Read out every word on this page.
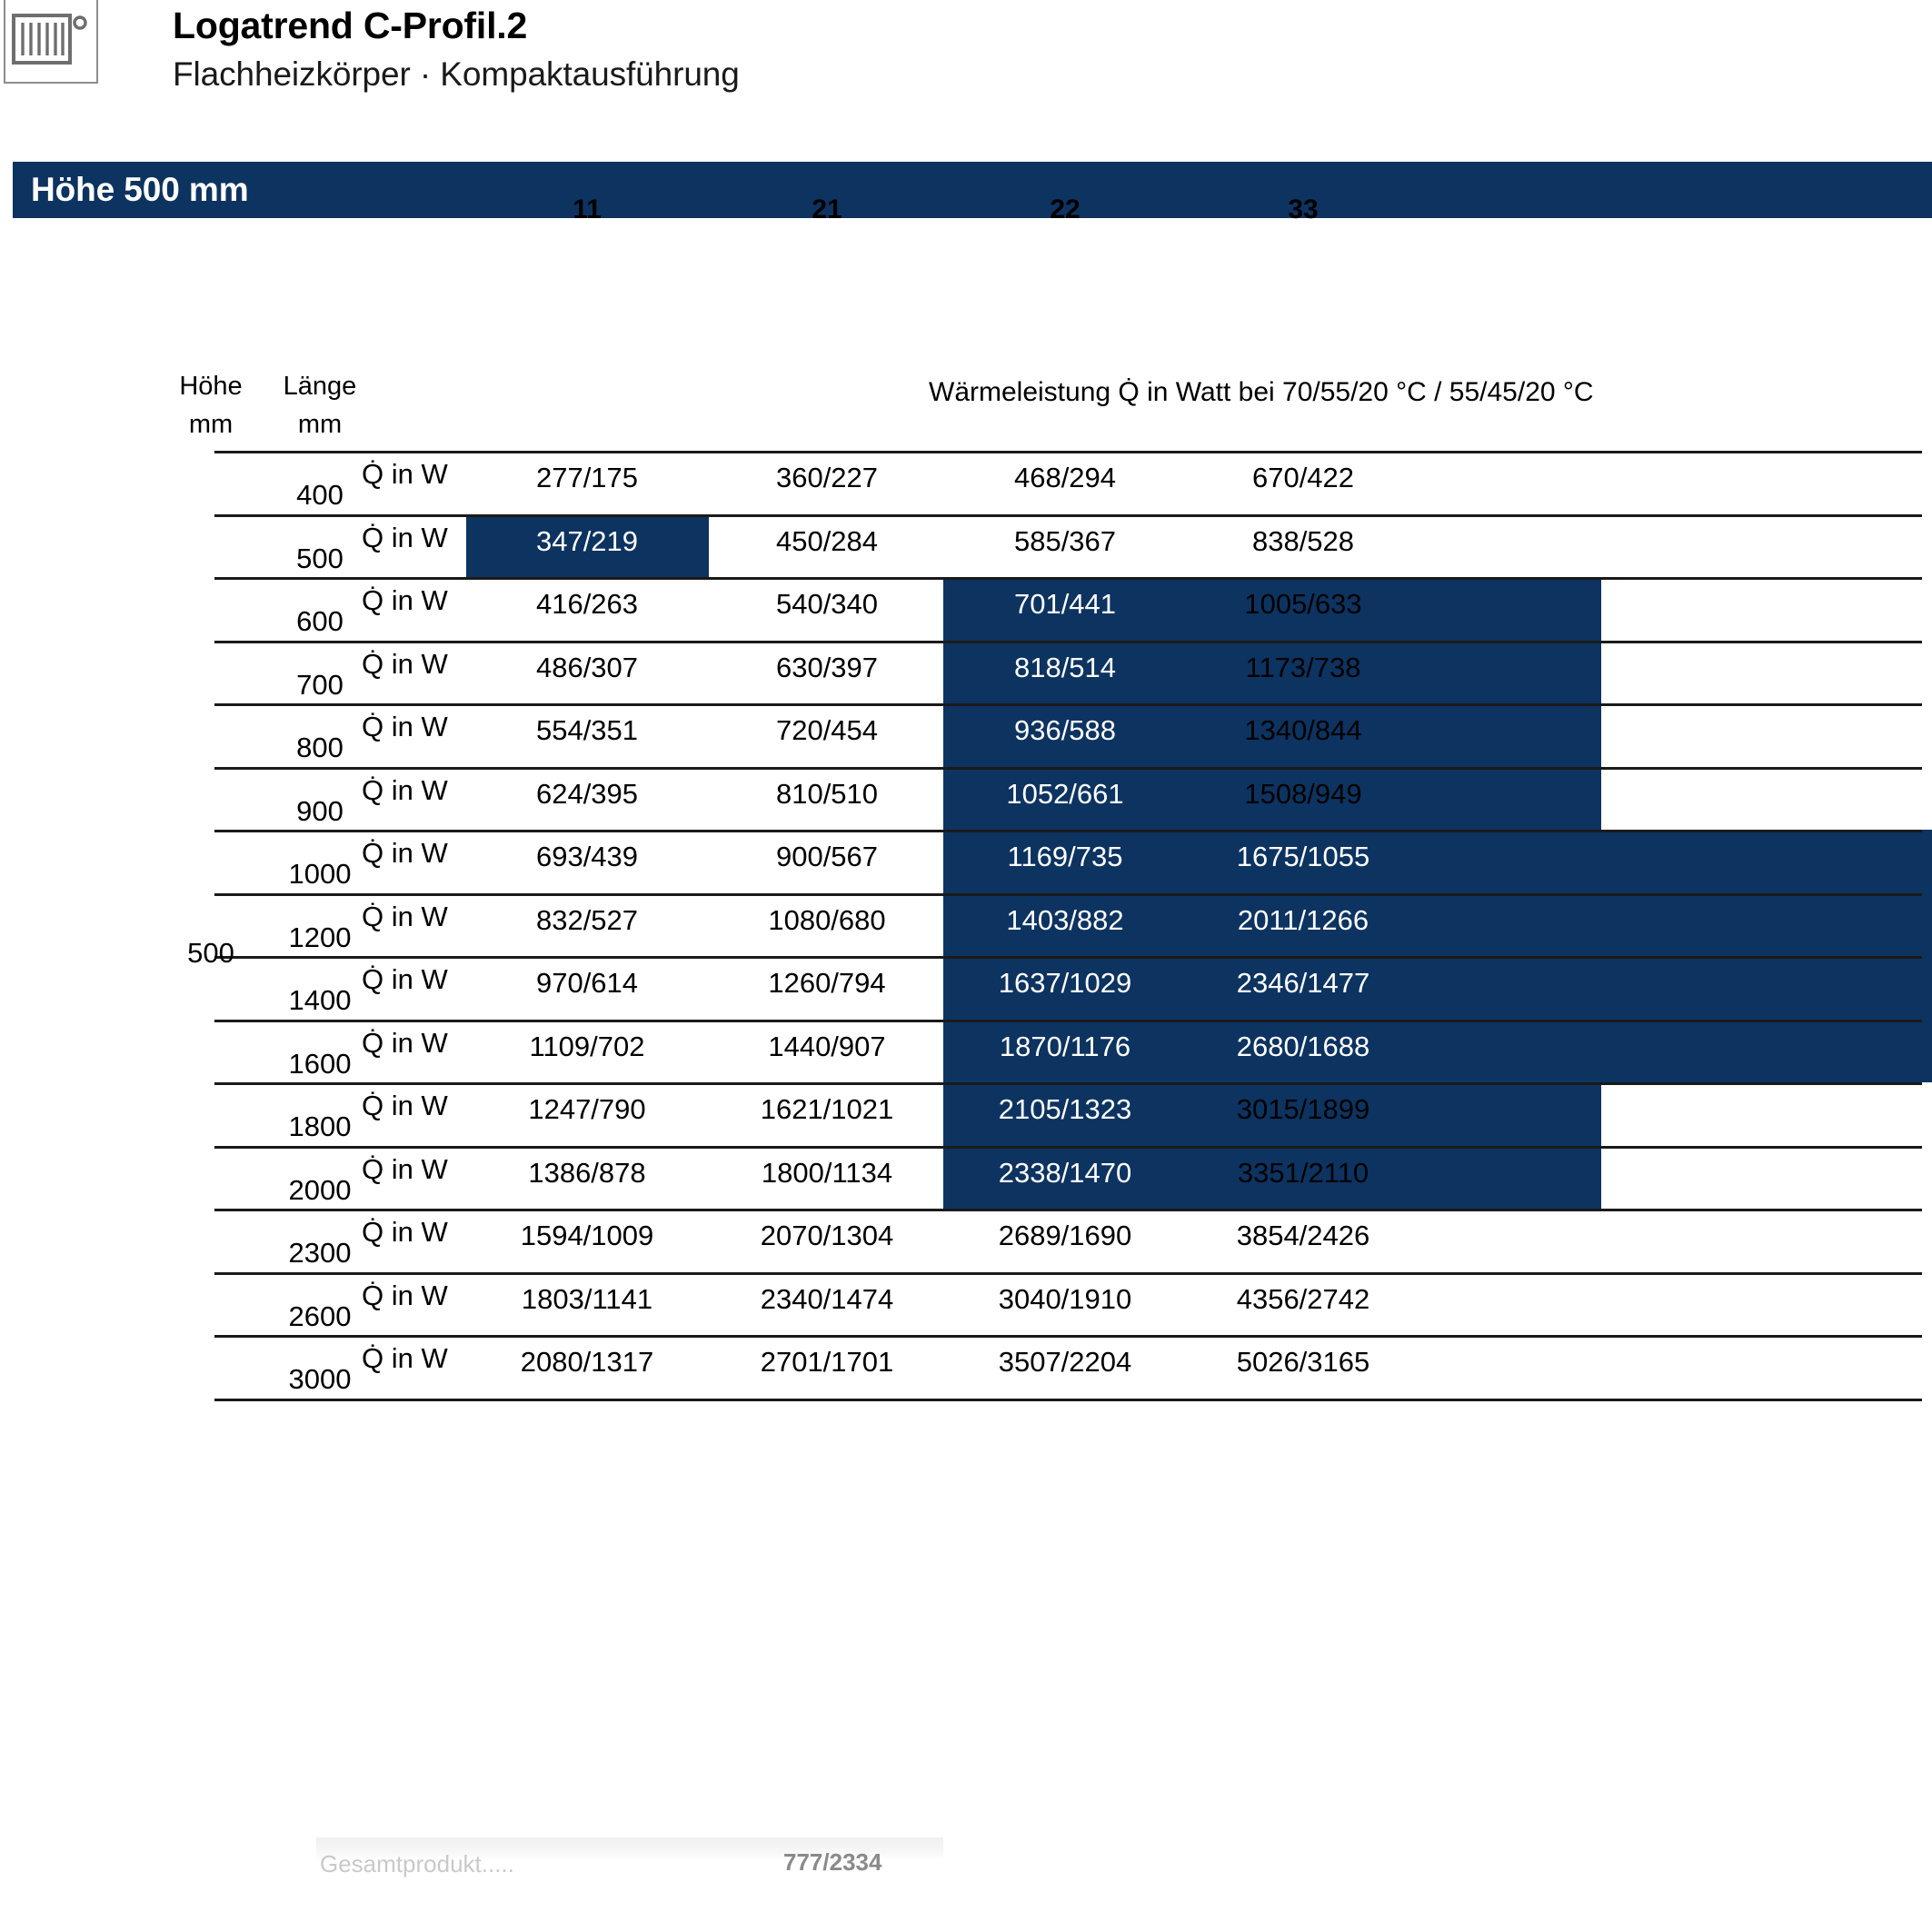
Logatrend C-Profil.2
Flachheizkörper · Kompaktausführung
Höhe 500 mm
11	21	22	33
Höhe
mm
Länge
mm
Wärmeleistung Q̇ in Watt bei 70/55/20 °C / 55/45/20 °C
400
Q̇ in W	277/175	360/227	468/294	670/422
500
Q̇ in W	347/219	450/284	585/367	838/528
600
Q̇ in W	416/263	540/340	701/441	1005/633
700
Q̇ in W	486/307	630/397	818/514	1173/738
800
Q̇ in W	554/351	720/454	936/588	1340/844
900
Q̇ in W	624/395	810/510	1052/661	1508/949
1000
Q̇ in W	693/439	900/567	1169/735	1675/1055
1200
Q̇ in W	832/527	1080/680	1403/882	2011/1266
1400
Q̇ in W	970/614	1260/794	1637/1029	2346/1477
1600
Q̇ in W	1109/702	1440/907	1870/1176	2680/1688
1800
Q̇ in W	1247/790	1621/1021	2105/1323	3015/1899
2000
Q̇ in W	1386/878	1800/1134	2338/1470	3351/2110
2300
Q̇ in W	1594/1009	2070/1304	2689/1690	3854/2426
2600
Q̇ in W	1803/1141	2340/1474	3040/1910	4356/2742
3000
Q̇ in W	2080/1317	2701/1701	3507/2204	5026/3165
500
Gesamtprodukt.....	777/2334
